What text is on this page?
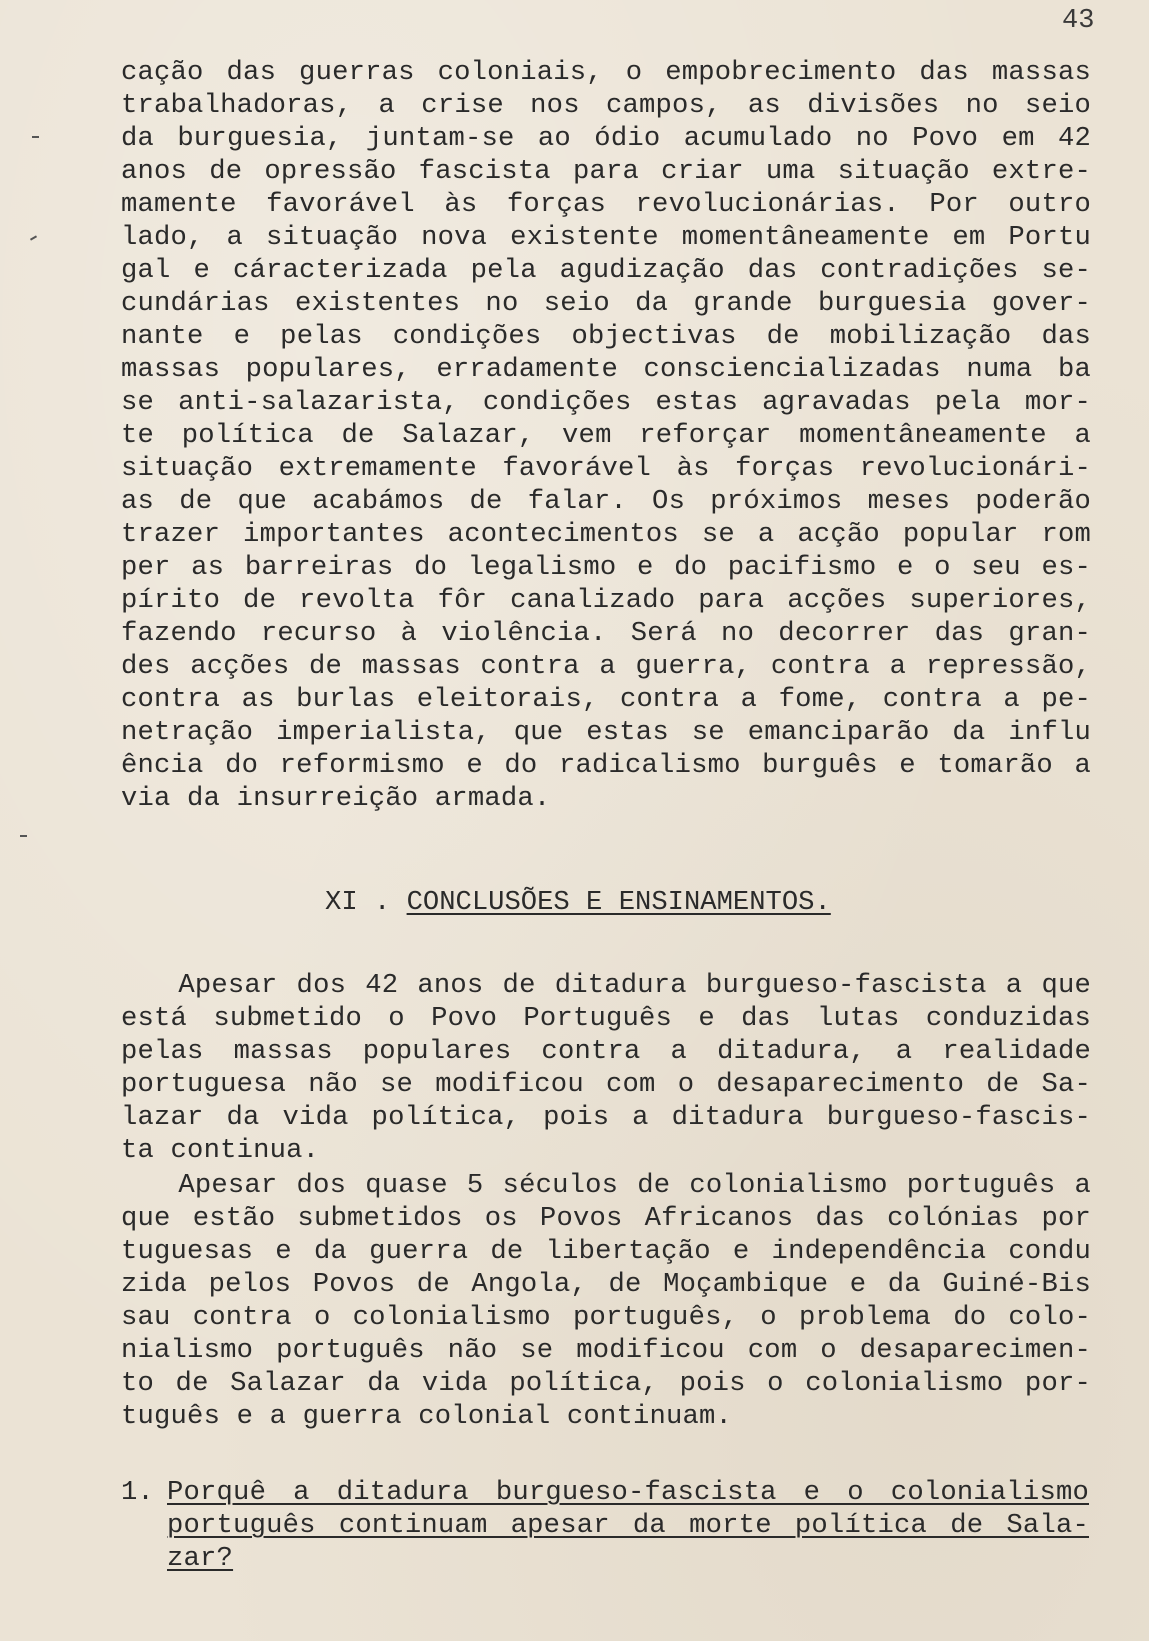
43
cação das guerras coloniais, o empobrecimento das massas
trabalhadoras, a crise nos campos, as divisões no seio
da burguesia, juntam-se ao ódio acumulado no Povo em 42
anos de opressão fascista para criar uma situação extre-
mamente favorável às forças revolucionárias. Por outro
lado, a situação nova existente momentâneamente em Portu
gal e cáracterizada pela agudização das contradições se-
cundárias existentes no seio da grande burguesia gover-
nante e pelas condições objectivas de mobilização das
massas populares, erradamente consciencializadas numa ba
se anti-salazarista, condições estas agravadas pela mor-
te política de Salazar, vem reforçar momentâneamente a
situação extremamente favorável às forças revolucionári-
as de que acabámos de falar. Os próximos meses poderão
trazer importantes acontecimentos se a acção popular rom
per as barreiras do legalismo e do pacifismo e o seu es-
pírito de revolta fôr canalizado para acções superiores,
fazendo recurso à violência. Será no decorrer das gran-
des acções de massas contra a guerra, contra a repressão,
contra as burlas eleitorais, contra a fome, contra a pe-
netração imperialista, que estas se emanciparão da influ
ência do reformismo e do radicalismo burguês e tomarão a
via da insurreição armada.
XI . CONCLUSÕES E ENSINAMENTOS.
Apesar dos 42 anos de ditadura burgueso-fascista a que
está submetido o Povo Português e das lutas conduzidas
pelas massas populares contra a ditadura, a realidade
portuguesa não se modificou com o desaparecimento de Sa-
lazar da vida política, pois a ditadura burgueso-fascis-
ta continua.
Apesar dos quase 5 séculos de colonialismo português a
que estão submetidos os Povos Africanos das colónias por
tuguesas e da guerra de libertação e independência condu
zida pelos Povos de Angola, de Moçambique e da Guiné-Bis
sau contra o colonialismo português, o problema do colo-
nialismo português não se modificou com o desaparecimen-
to de Salazar da vida política, pois o colonialismo por-
tuguês e a guerra colonial continuam.
1. Porquê a ditadura burgueso-fascista e o colonialismo
português continuam apesar da morte política de Sala-
zar?
